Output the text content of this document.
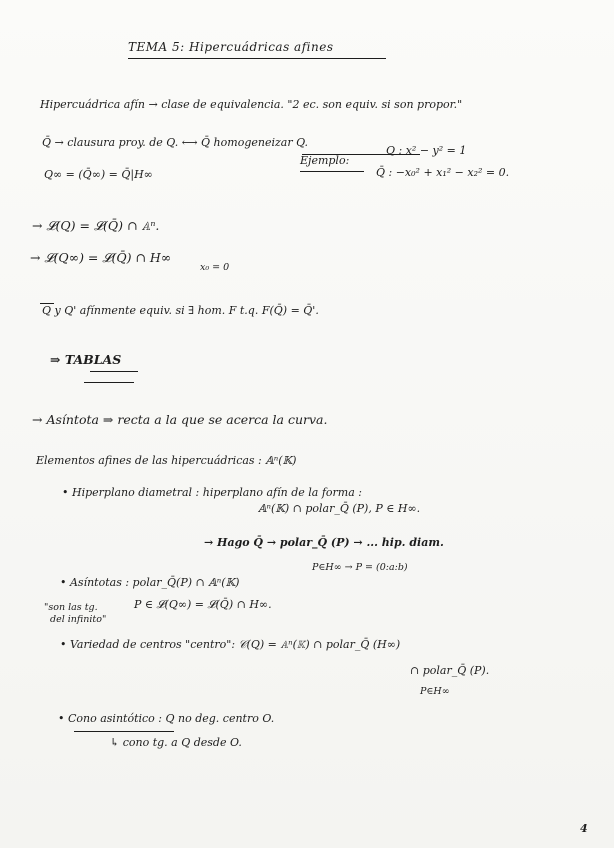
TEMA 5: Hipercuádricas afines
Hipercuádrica afín → clase de equivalencia. "2 ec. son equiv. si son propor."
Q̄ → clausura proy. de Q. ⟷ Q̄ homogeneizar Q.
Q∞ = (Q̄∞) = Q̄|H∞
Ejemplo:
Q : x² − y² = 1
Q̄ : −x₀² + x₁² − x₂² = 0.
→ 𝓛(Q) = 𝓛(Q̄) ∩ 𝔸ⁿ.
→ 𝓛(Q∞) = 𝓛(Q̄) ∩ H∞
x₀ = 0
Q y Q' afínmente equiv. si ∃ hom. F t.q. F(Q̄) = Q̄'.
⇒ TABLAS
→ Asíntota ⇒ recta a la que se acerca la curva.
Elementos afines de las hipercuádricas : 𝔸ⁿ(𝕂)
• Hiperplano diametral : hiperplano afín de la forma :
𝔸ⁿ(𝕂) ∩ polar_Q̄ (P), P ∈ H∞.
→ Hago Q̄ → polar_Q̄ (P) → ... hip. diam.
P∈H∞ → P = (0:a:b)
• Asíntotas : polar_Q̄(P) ∩ 𝔸ⁿ(𝕂)
"son las tg.
del infinito"
P ∈ 𝓛(Q∞) = 𝓛(Q̄) ∩ H∞.
• Variedad de centros "centro": 𝒞(Q) = 𝔸ⁿ(𝕂) ∩ polar_Q̄ (H∞)
∩ polar_Q̄ (P).
P∈H∞
• Cono asintótico : Q no deg. centro O.
↳ cono tg. a Q desde O.
4
